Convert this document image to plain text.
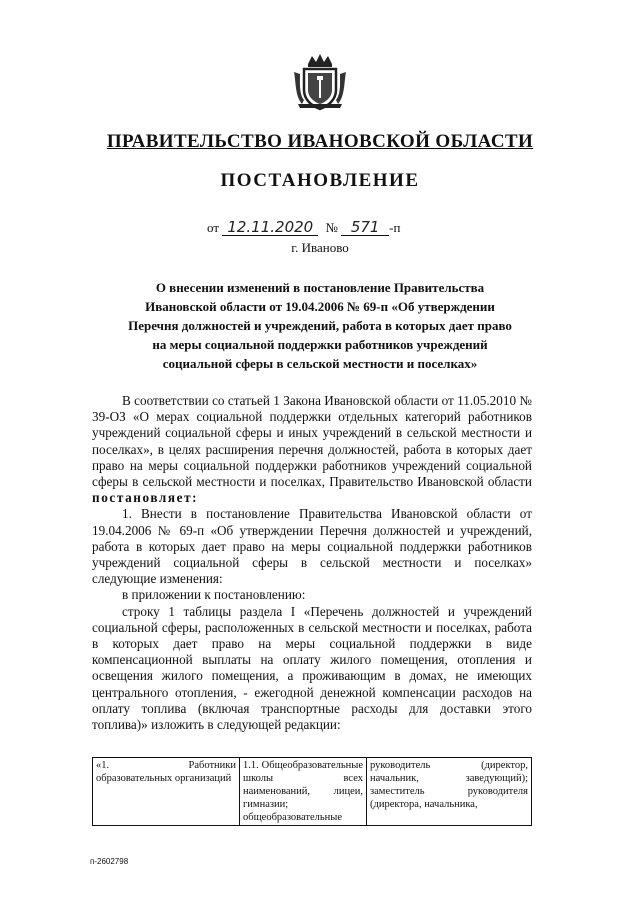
ПРАВИТЕЛЬСТВО ИВАНОВСКОЙ ОБЛАСТИ
ПОСТАНОВЛЕНИЕ
от 12.11.2020 № 571 -п
г. Иваново
О внесении изменений в постановление Правительства
Ивановской области от 19.04.2006 № 69-п «Об утверждении
Перечня должностей и учреждений, работа в которых дает право
на меры социальной поддержки работников учреждений
социальной сферы в сельской местности и поселках»

В соответствии со статьей 1 Закона Ивановской области от 11.05.2010 № 39-ОЗ «О мерах социальной поддержки отдельных категорий работников учреждений социальной сферы и иных учреждений в сельской местности и поселках», в целях расширения перечня должностей, работа в которых дает право на меры социальной поддержки работников учреждений социальной сферы в сельской местности и поселках, Правительство Ивановской области постановляет:

1. Внести в постановление Правительства Ивановской области от 19.04.2006 № 69-п «Об утверждении Перечня должностей и учреждений, работа в которых дает право на меры социальной поддержки работников учреждений социальной сферы в сельской местности и поселках» следующие изменения:

в приложении к постановлению:

строку 1 таблицы раздела I «Перечень должностей и учреждений социальной сферы, расположенных в сельской местности и поселках, работа в которых дает право на меры социальной поддержки в виде компенсационной выплаты на оплату жилого помещения, отопления и освещения жилого помещения, а проживающим в домах, не имеющих центрального отопления, - ежегодной денежной компенсации расходов на оплату топлива (включая транспортные расходы для доставки этого топлива)» изложить в следующей редакции:

«1. Работники образовательных организаций	1.1. Общеобразовательные школы всех наименований, лицеи, гимназии; общеобразовательные	руководитель (директор, начальник, заведующий); заместитель руководителя (директора, начальника,
п-2602798
